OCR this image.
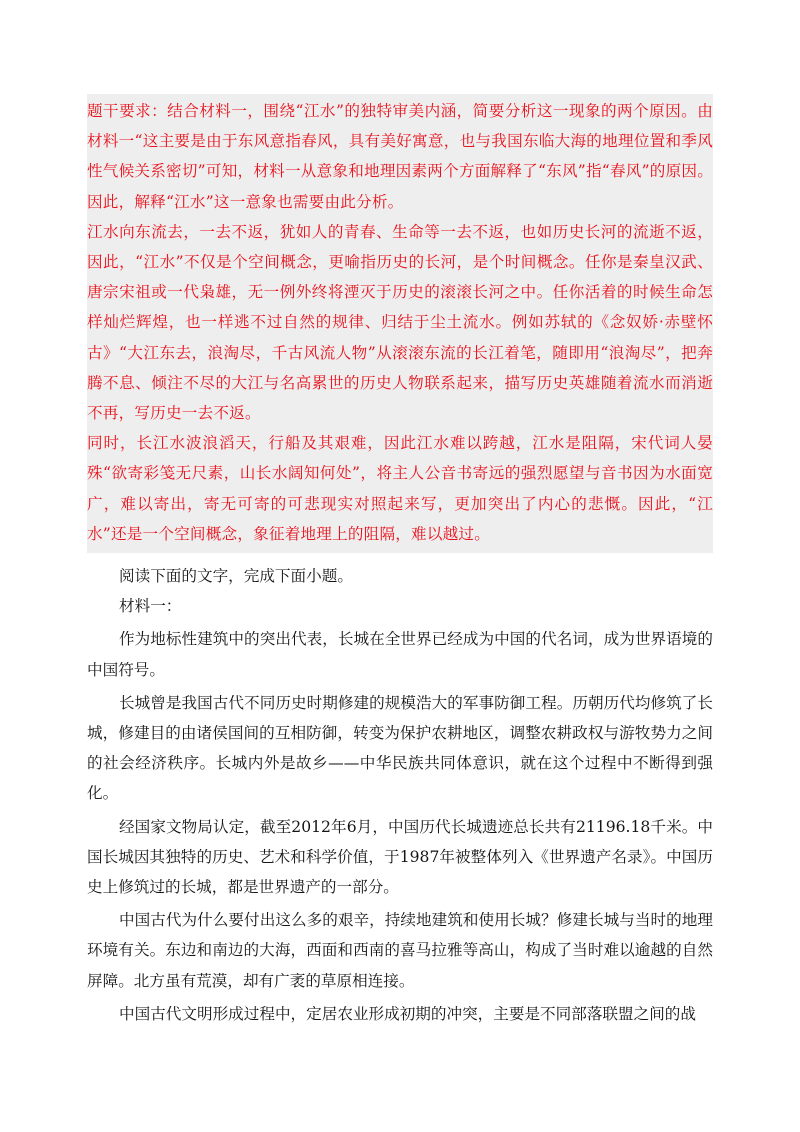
题干要求：结合材料一，围绕“江水”的独特审美内涵，简要分析这一现象的两个原因。由材料一“这主要是由于东风意指春风，具有美好寓意，也与我国东临大海的地理位置和季风性气候关系密切”可知，材料一从意象和地理因素两个方面解释了“东风”指“春风”的原因。因此，解释“江水”这一意象也需要由此分析。

江水向东流去，一去不返，犹如人的青春、生命等一去不返，也如历史长河的流逝不返，因此，“江水”不仅是个空间概念，更喻指历史的长河，是个时间概念。任你是秦皇汉武、唐宗宋祖或一代枭雄，无一例外终将湮灭于历史的滚滚长河之中。任你活着的时候生命怎样灿烂辉煌，也一样逃不过自然的规律、归结于尘土流水。例如苏轼的《念奴娇·赤壁怀古》“大江东去，浪淘尽，千古风流人物”从滚滚东流的长江着笔，随即用“浪淘尽”，把奔腾不息、倾注不尽的大江与名高累世的历史人物联系起来，描写历史英雄随着流水而消逝不再，写历史一去不返。

同时，长江水波浪滔天，行船及其艰难，因此江水难以跨越，江水是阻隔，宋代词人晏殊“欲寄彩笺无尺素，山长水阔知何处”，将主人公音书寄远的强烈愿望与音书因为水面宽广，难以寄出，寄无可寄的可悲现实对照起来写，更加突出了内心的悲慨。因此，“江水”还是一个空间概念，象征着地理上的阻隔，难以越过。

阅读下面的文字，完成下面小题。

材料一：

作为地标性建筑中的突出代表，长城在全世界已经成为中国的代名词，成为世界语境的中国符号。

长城曾是我国古代不同历史时期修建的规模浩大的军事防御工程。历朝历代均修筑了长城，修建目的由诸侯国间的互相防御，转变为保护农耕地区，调整农耕政权与游牧势力之间的社会经济秩序。长城内外是故乡——中华民族共同体意识，就在这个过程中不断得到强化。

经国家文物局认定，截至2012年6月，中国历代长城遗迹总长共有21196.18千米。中国长城因其独特的历史、艺术和科学价值，于1987年被整体列入《世界遗产名录》。中国历史上修筑过的长城，都是世界遗产的一部分。

中国古代为什么要付出这么多的艰辛，持续地建筑和使用长城？修建长城与当时的地理环境有关。东边和南边的大海，西面和西南的喜马拉雅等高山，构成了当时难以逾越的自然屏障。北方虽有荒漠，却有广袤的草原相连接。

中国古代文明形成过程中，定居农业形成初期的冲突，主要是不同部落联盟之间的战
